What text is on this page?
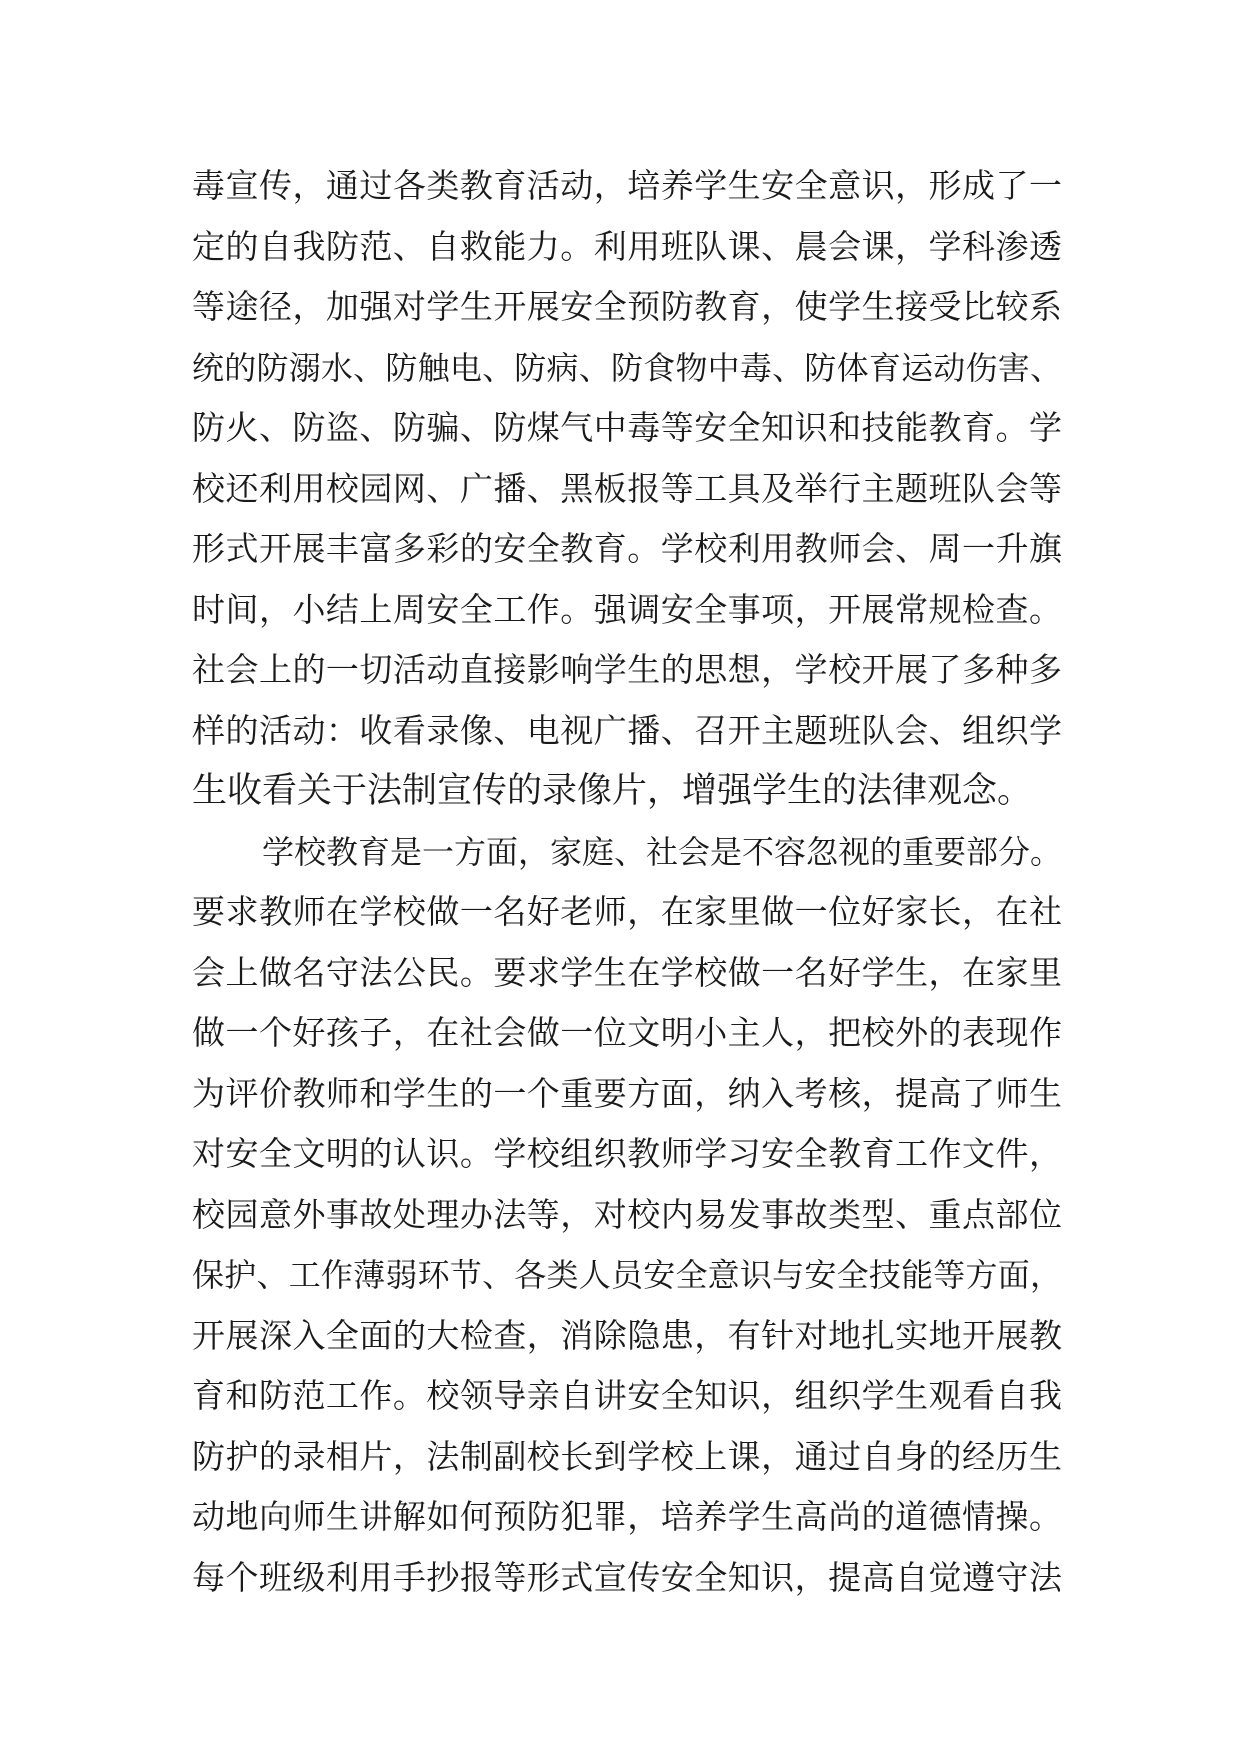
毒宣传，通过各类教育活动，培养学生安全意识，形成了一
定的自我防范、自救能力。利用班队课、晨会课，学科渗透
等途径，加强对学生开展安全预防教育，使学生接受比较系
统的防溺水、防触电、防病、防食物中毒、防体育运动伤害、
防火、防盗、防骗、防煤气中毒等安全知识和技能教育。学
校还利用校园网、广播、黑板报等工具及举行主题班队会等
形式开展丰富多彩的安全教育。学校利用教师会、周一升旗
时间，小结上周安全工作。强调安全事项，开展常规检查。
社会上的一切活动直接影响学生的思想，学校开展了多种多
样的活动：收看录像、电视广播、召开主题班队会、组织学
生收看关于法制宣传的录像片，增强学生的法律观念。
学校教育是一方面，家庭、社会是不容忽视的重要部分。
要求教师在学校做一名好老师，在家里做一位好家长，在社
会上做名守法公民。要求学生在学校做一名好学生，在家里
做一个好孩子，在社会做一位文明小主人，把校外的表现作
为评价教师和学生的一个重要方面，纳入考核，提高了师生
对安全文明的认识。学校组织教师学习安全教育工作文件，
校园意外事故处理办法等，对校内易发事故类型、重点部位
保护、工作薄弱环节、各类人员安全意识与安全技能等方面，
开展深入全面的大检查，消除隐患，有针对地扎实地开展教
育和防范工作。校领导亲自讲安全知识，组织学生观看自我
防护的录相片，法制副校长到学校上课，通过自身的经历生
动地向师生讲解如何预防犯罪，培养学生高尚的道德情操。
每个班级利用手抄报等形式宣传安全知识，提高自觉遵守法
